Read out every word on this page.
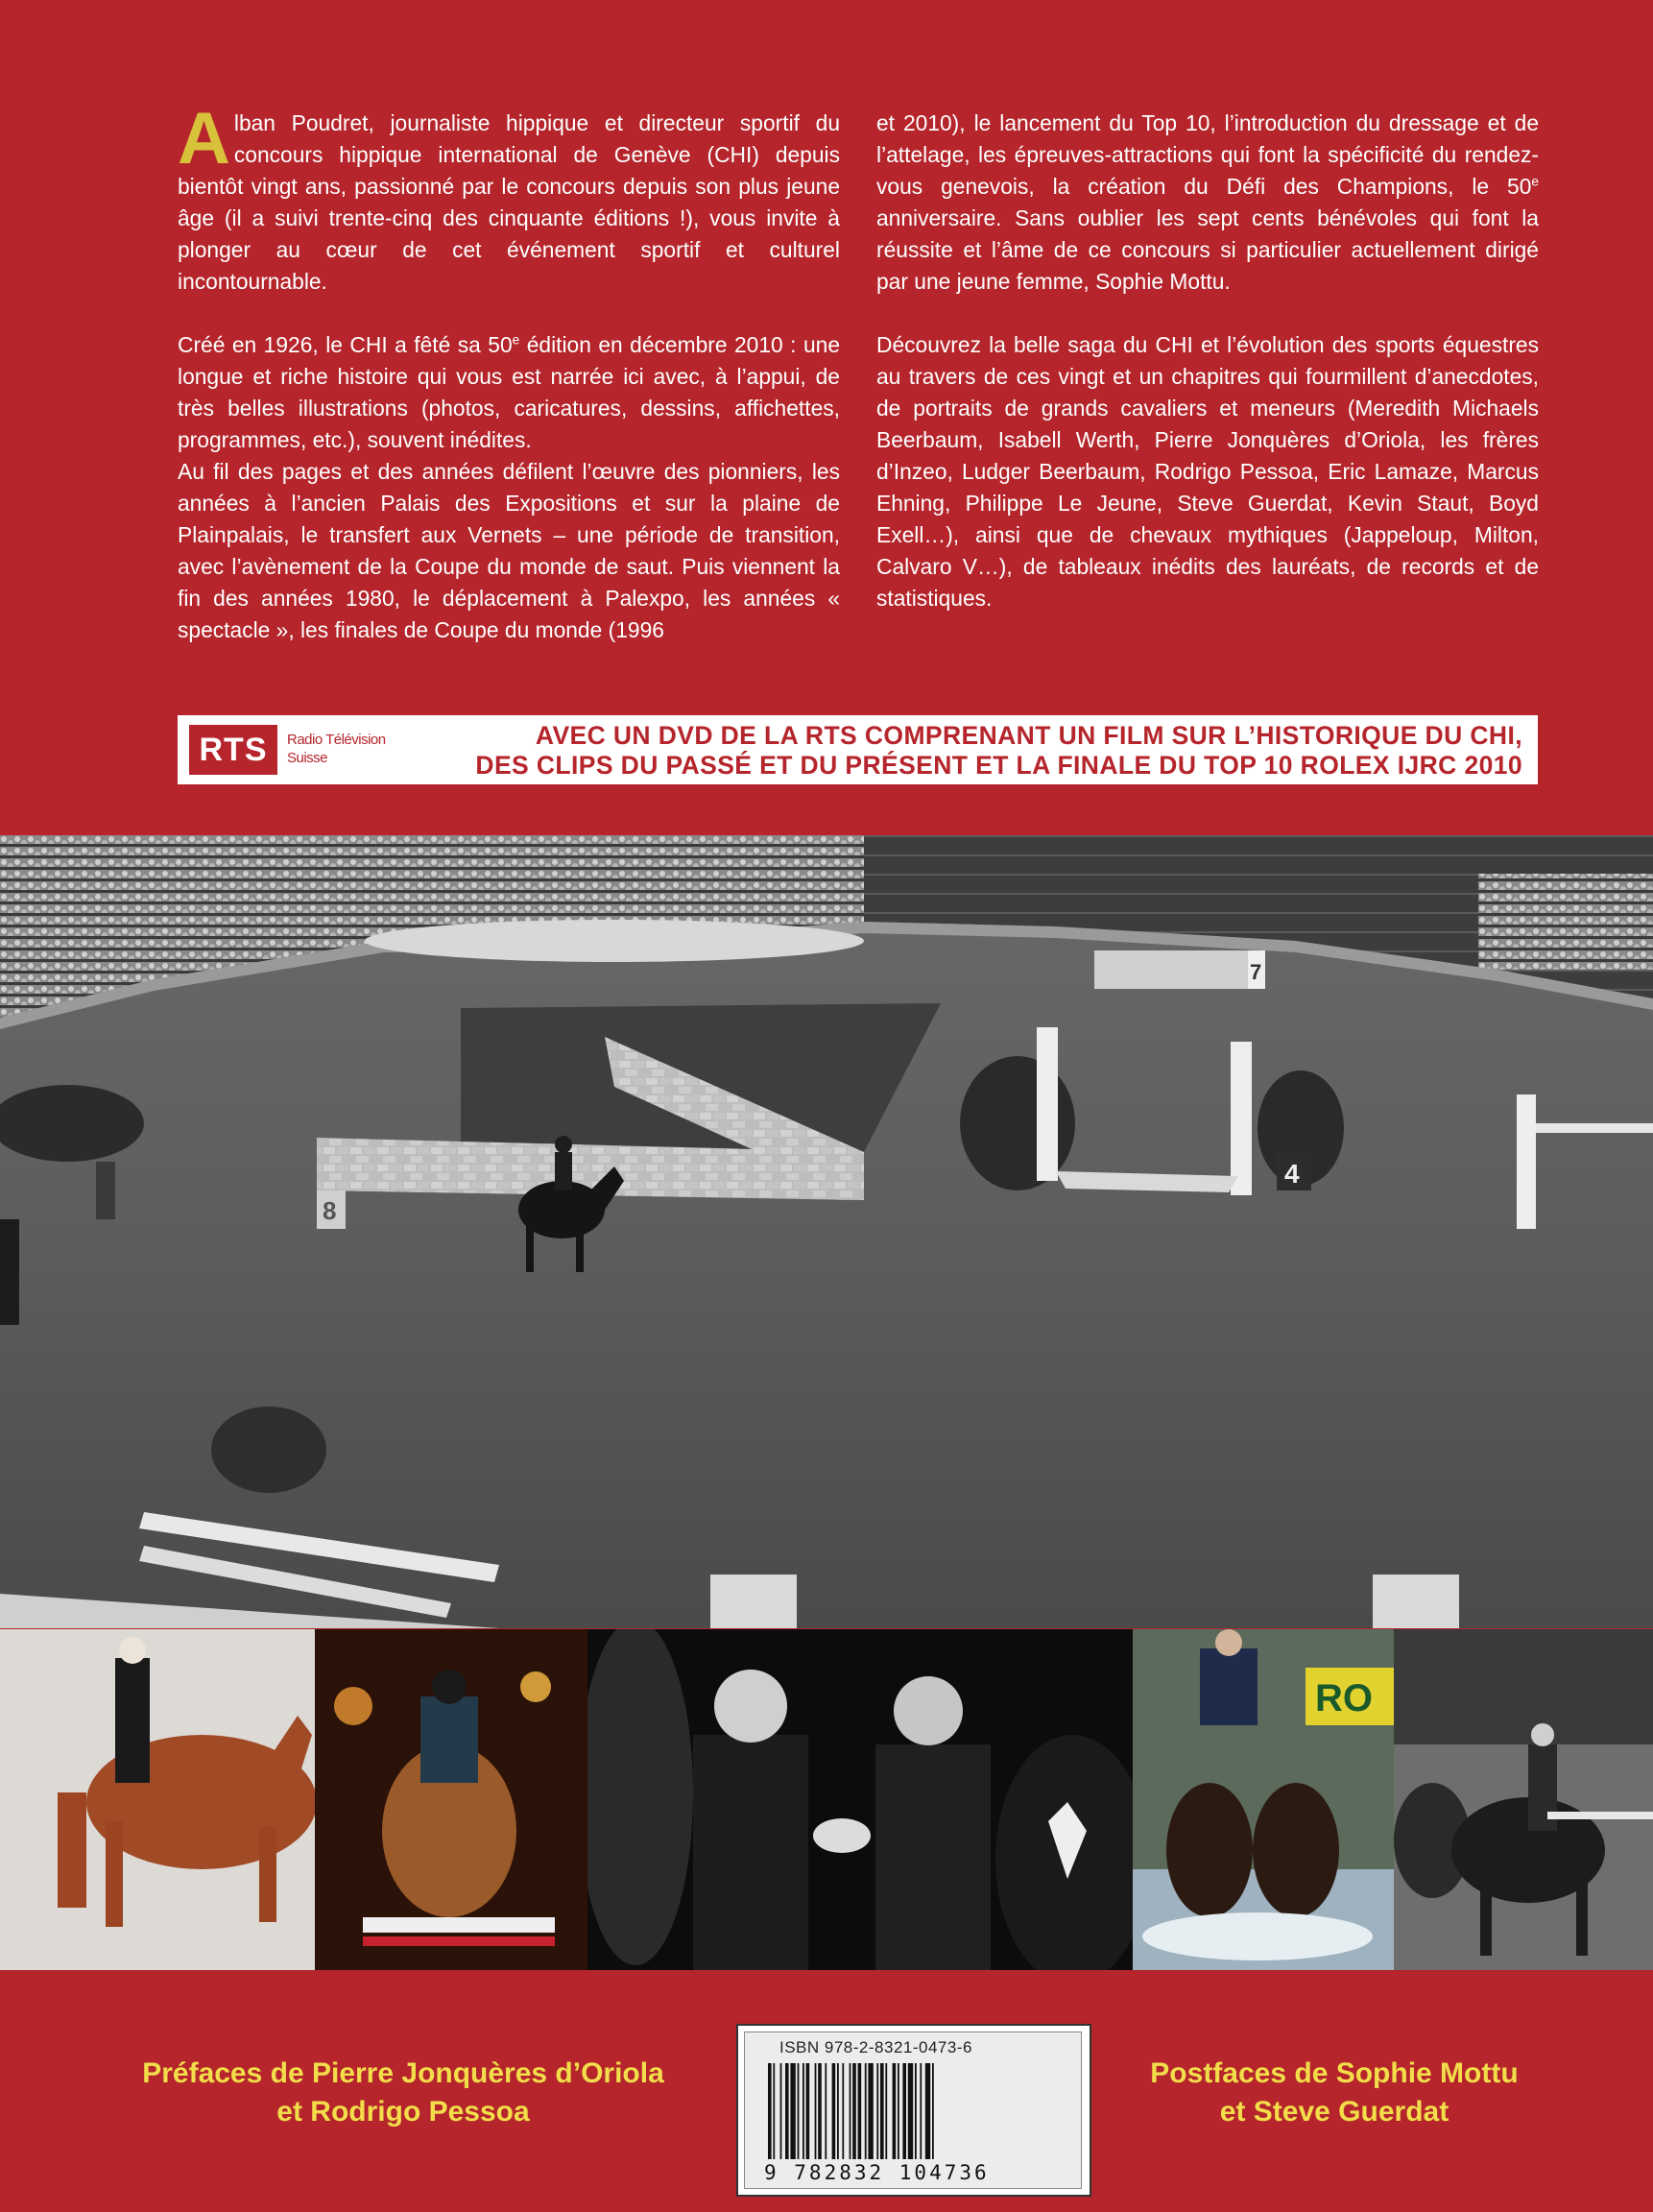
Alban Poudret, journaliste hippique et directeur sportif du concours hippique international de Genève (CHI) depuis bientôt vingt ans, passionné par le concours depuis son plus jeune âge (il a suivi trente-cinq des cinquante éditions !), vous invite à plonger au cœur de cet événement sportif et culturel incontournable.

Créé en 1926, le CHI a fêté sa 50e édition en décembre 2010 : une longue et riche histoire qui vous est narrée ici avec, à l’appui, de très belles illustrations (photos, caricatures, dessins, affichettes, programmes, etc.), souvent inédites.

Au fil des pages et des années défilent l’œuvre des pionniers, les années à l’ancien Palais des Expositions et sur la plaine de Plainpalais, le transfert aux Vernets – une période de transition, avec l’avènement de la Coupe du monde de saut. Puis viennent la fin des années 1980, le déplacement à Palexpo, les années « spectacle », les finales de Coupe du monde (1996

et 2010), le lancement du Top 10, l’introduction du dressage et de l’attelage, les épreuves-attractions qui font la spécificité du rendez-vous genevois, la création du Défi des Champions, le 50e anniversaire. Sans oublier les sept cents bénévoles qui font la réussite et l’âme de ce concours si particulier actuellement dirigé par une jeune femme, Sophie Mottu.

Découvrez la belle saga du CHI et l’évolution des sports équestres au travers de ces vingt et un chapitres qui fourmillent d’anecdotes, de portraits de grands cavaliers et meneurs (Meredith Michaels Beerbaum, Isabell Werth, Pierre Jonquères d’Oriola, les frères d’Inzeo, Ludger Beerbaum, Rodrigo Pessoa, Eric Lamaze, Marcus Ehning, Philippe Le Jeune, Steve Guerdat, Kevin Staut, Boyd Exell…), ainsi que de chevaux mythiques (Jappeloup, Milton, Calvaro V…), de tableaux inédits des lauréats, de records et de statistiques.

RTS	Radio Télévision
Suisse
AVEC UN DVD DE LA RTS COMPRENANT UN FILM SUR L’HISTORIQUE DU CHI,
DES CLIPS DU PASSÉ ET DU PRÉSENT ET LA FINALE DU TOP 10 ROLEX IJRC 2010
7
4
8
RO
Préfaces de Pierre Jonquères d’Oriola
et Rodrigo Pessoa
ISBN 978-2-8321-0473-6
9 782832 104736
Postfaces de Sophie Mottu
et Steve Guerdat
